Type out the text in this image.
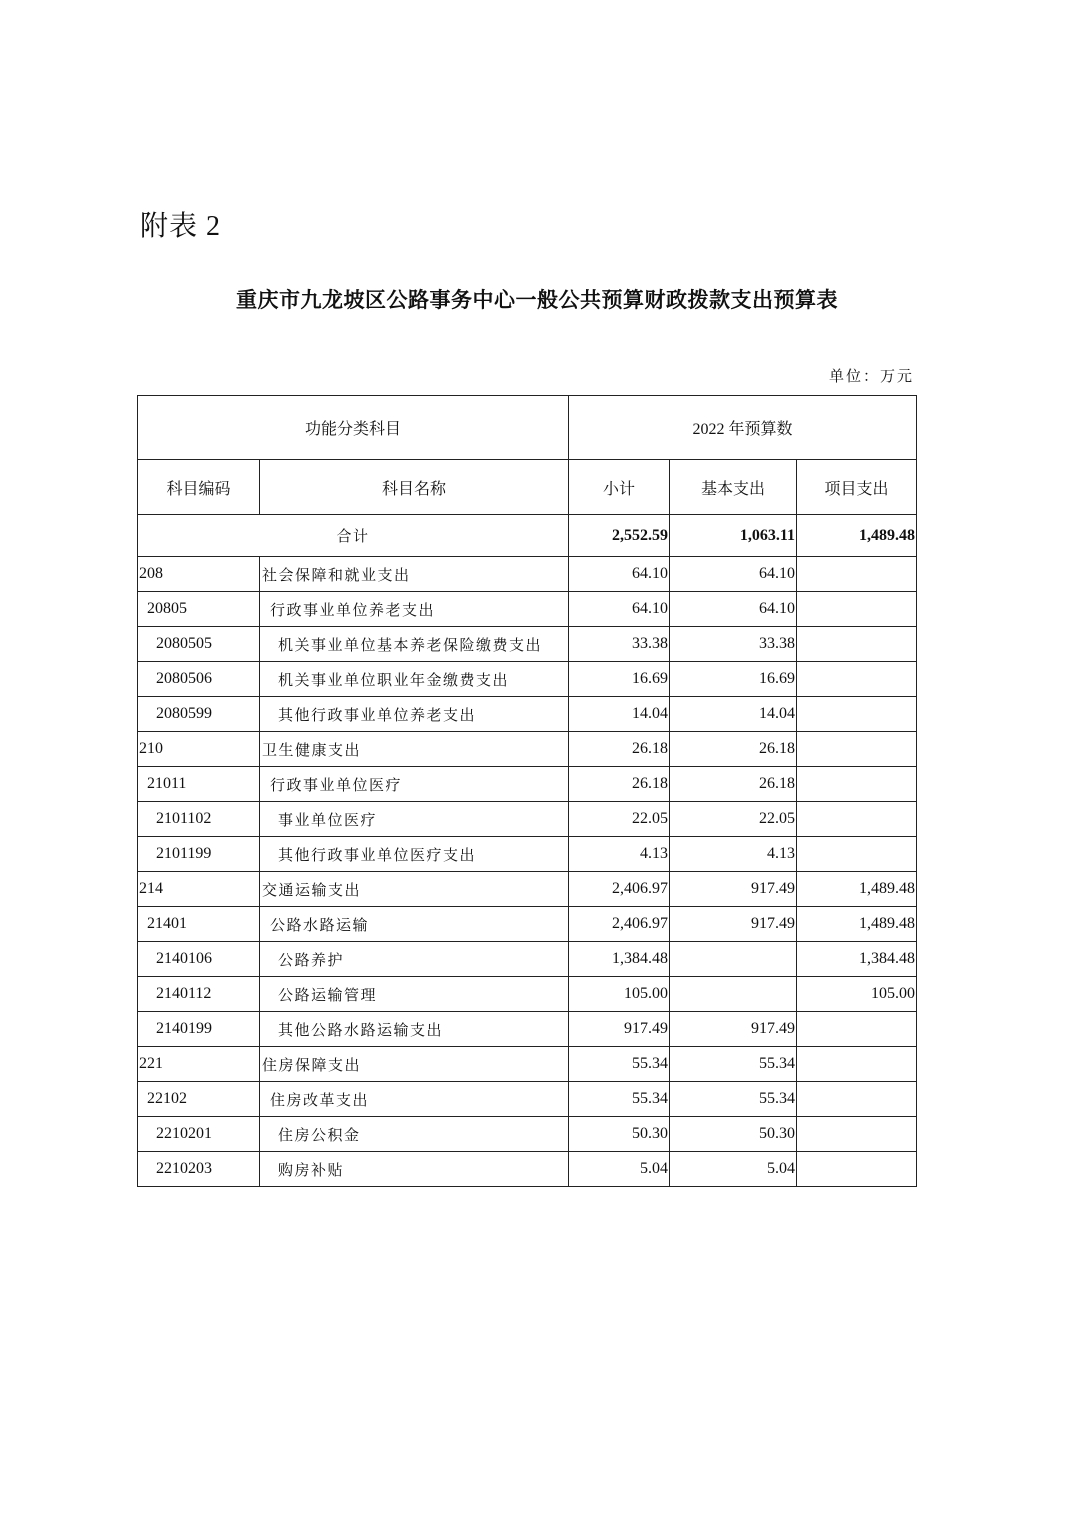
附表 2
重庆市九龙坡区公路事务中心一般公共预算财政拨款支出预算表
单位：万元
功能分类科目		2022 年预算数		
科目编码	科目名称	小计	基本支出	项目支出
合计		2,552.59	1,063.11	1,489.48
208	社会保障和就业支出	64.10	64.10	
20805	行政事业单位养老支出	64.10	64.10	
2080505	机关事业单位基本养老保险缴费支出	33.38	33.38	
2080506	机关事业单位职业年金缴费支出	16.69	16.69	
2080599	其他行政事业单位养老支出	14.04	14.04	
210	卫生健康支出	26.18	26.18	
21011	行政事业单位医疗	26.18	26.18	
2101102	事业单位医疗	22.05	22.05	
2101199	其他行政事业单位医疗支出	4.13	4.13	
214	交通运输支出	2,406.97	917.49	1,489.48
21401	公路水路运输	2,406.97	917.49	1,489.48
2140106	公路养护	1,384.48		1,384.48
2140112	公路运输管理	105.00		105.00
2140199	其他公路水路运输支出	917.49	917.49	
221	住房保障支出	55.34	55.34	
22102	住房改革支出	55.34	55.34	
2210201	住房公积金	50.30	50.30	
2210203	购房补贴	5.04	5.04	
